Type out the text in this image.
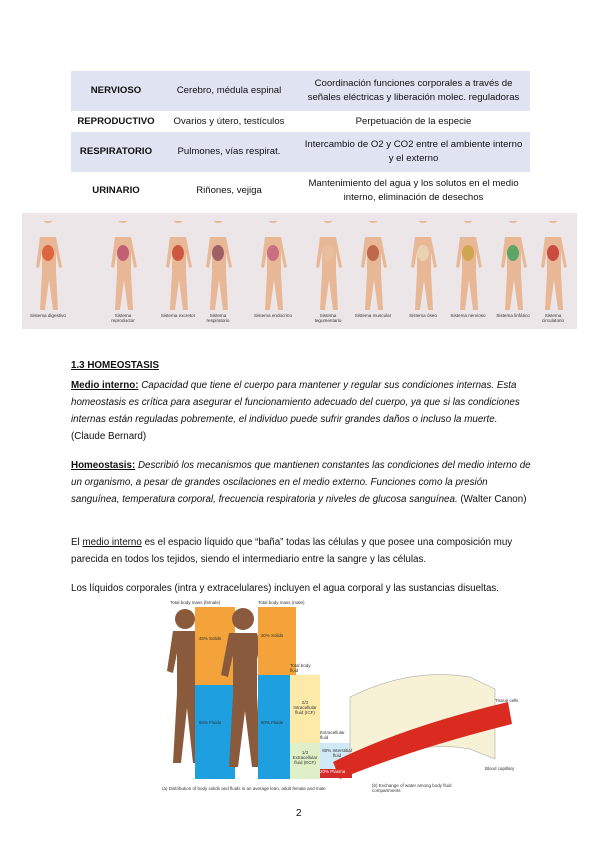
NERVIOSO	Cerebro, médula espinal	Coordinación funciones corporales a través de señales eléctricas y liberación molec. reguladoras
REPRODUCTIVO	Ovarios y útero, testículos	Perpetuación de la especie
RESPIRATORIO	Pulmones, vías respirat.	Intercambio de O2 y CO2 entre el ambiente interno y el externo
URINARIO	Riñones, vejiga	Mantenimiento del agua y los solutos en el medio interno, eliminación de desechos
Sistema digestivo	Sistema reproductor
Sistema excretor	Sistema respiratorio
Sistema endocrino	Sistema tegumentario
Sistema muscular	Sistema óseo	Sistema nervioso	Sistema linfático	Sistema circulatorio
1.3 HOMEOSTASIS
Medio interno: Capacidad que tiene el cuerpo para mantener y regular sus condiciones internas. Esta homeostasis es crítica para asegurar el funcionamiento adecuado del cuerpo, ya que si las condiciones internas están reguladas pobremente, el individuo puede sufrir grandes daños o incluso la muerte. (Claude Bernard)
Homeostasis: Describió los mecanismos que mantienen constantes las condiciones del medio interno de un organismo, a pesar de grandes oscilaciones en el medio externo. Funciones como la presión sanguínea, temperatura corporal, frecuencia respiratoria y niveles de glucosa sanguínea. (Walter Canon)
El medio interno es el espacio líquido que “baña” todas las células y que posee una composición muy parecida en todos los tejidos, siendo el intermediario entre la sangre y las células.
Los líquidos corporales (intra y extracelulares) incluyen el agua corporal y las sustancias disueltas.
Total body mass (female)	Total body mass (male)
45% Solids
55% Fluids
40% Solids
60% Fluids
Total body fluid
2/3 Intracellular fluid (ICF)
1/3 Extracellular fluid (ECF)
Extracellular fluid
80% Interstitial fluid
20% Plasma
Tissue cells
Blood capillary
(a) Distribution of body solids and fluids in an average lean, adult female and male
(b) Exchange of water among body fluid compartments
2
